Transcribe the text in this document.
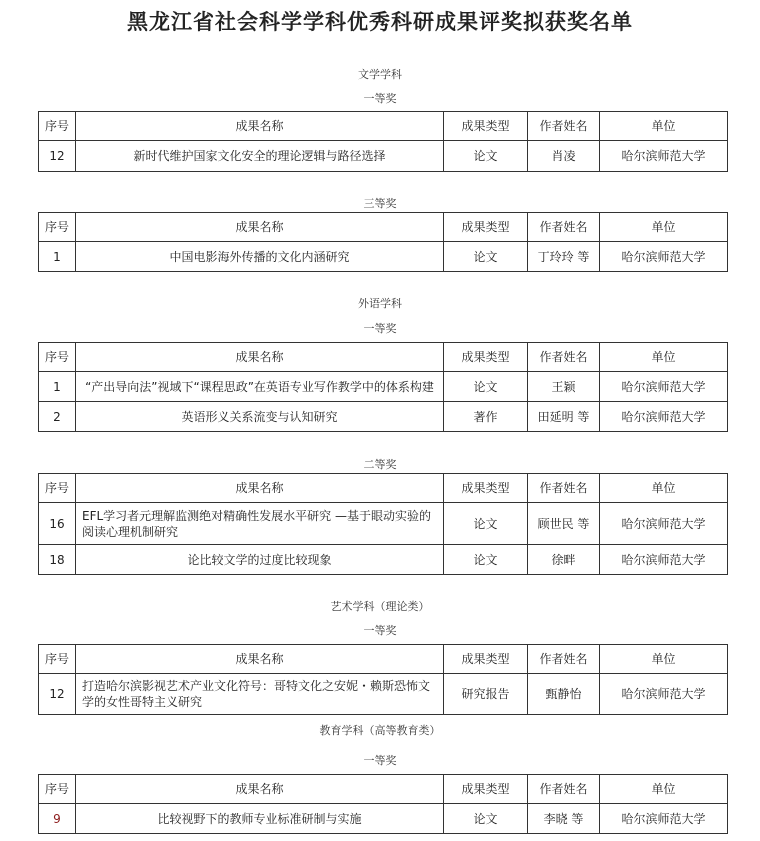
黑龙江省社会科学学科优秀科研成果评奖拟获奖名单
文学学科
一等奖
序号	成果名称	成果类型	作者姓名	单位
12	新时代维护国家文化安全的理论逻辑与路径选择	论文	肖凌	哈尔滨师范大学
三等奖
序号	成果名称	成果类型	作者姓名	单位
1	中国电影海外传播的文化内涵研究	论文	丁玲玲 等	哈尔滨师范大学
外语学科
一等奖
序号	成果名称	成果类型	作者姓名	单位
1	“产出导向法”视域下“课程思政”在英语专业写作教学中的体系构建	论文	王颖	哈尔滨师范大学
2	英语形义关系流变与认知研究	著作	田延明 等	哈尔滨师范大学
二等奖
序号	成果名称	成果类型	作者姓名	单位
16	EFL学习者元理解监测绝对精确性发展水平研究 —基于眼动实验的阅读心理机制研究	论文	顾世民 等	哈尔滨师范大学
18	论比较文学的过度比较现象	论文	徐畔	哈尔滨师范大学
艺术学科（理论类）
一等奖
序号	成果名称	成果类型	作者姓名	单位
12	打造哈尔滨影视艺术产业文化符号：哥特文化之安妮・赖斯恐怖文学的女性哥特主义研究	研究报告	甄静怡	哈尔滨师范大学
教育学科（高等教育类）
一等奖
序号	成果名称	成果类型	作者姓名	单位
9	比较视野下的教师专业标准研制与实施	论文	李晓 等	哈尔滨师范大学
